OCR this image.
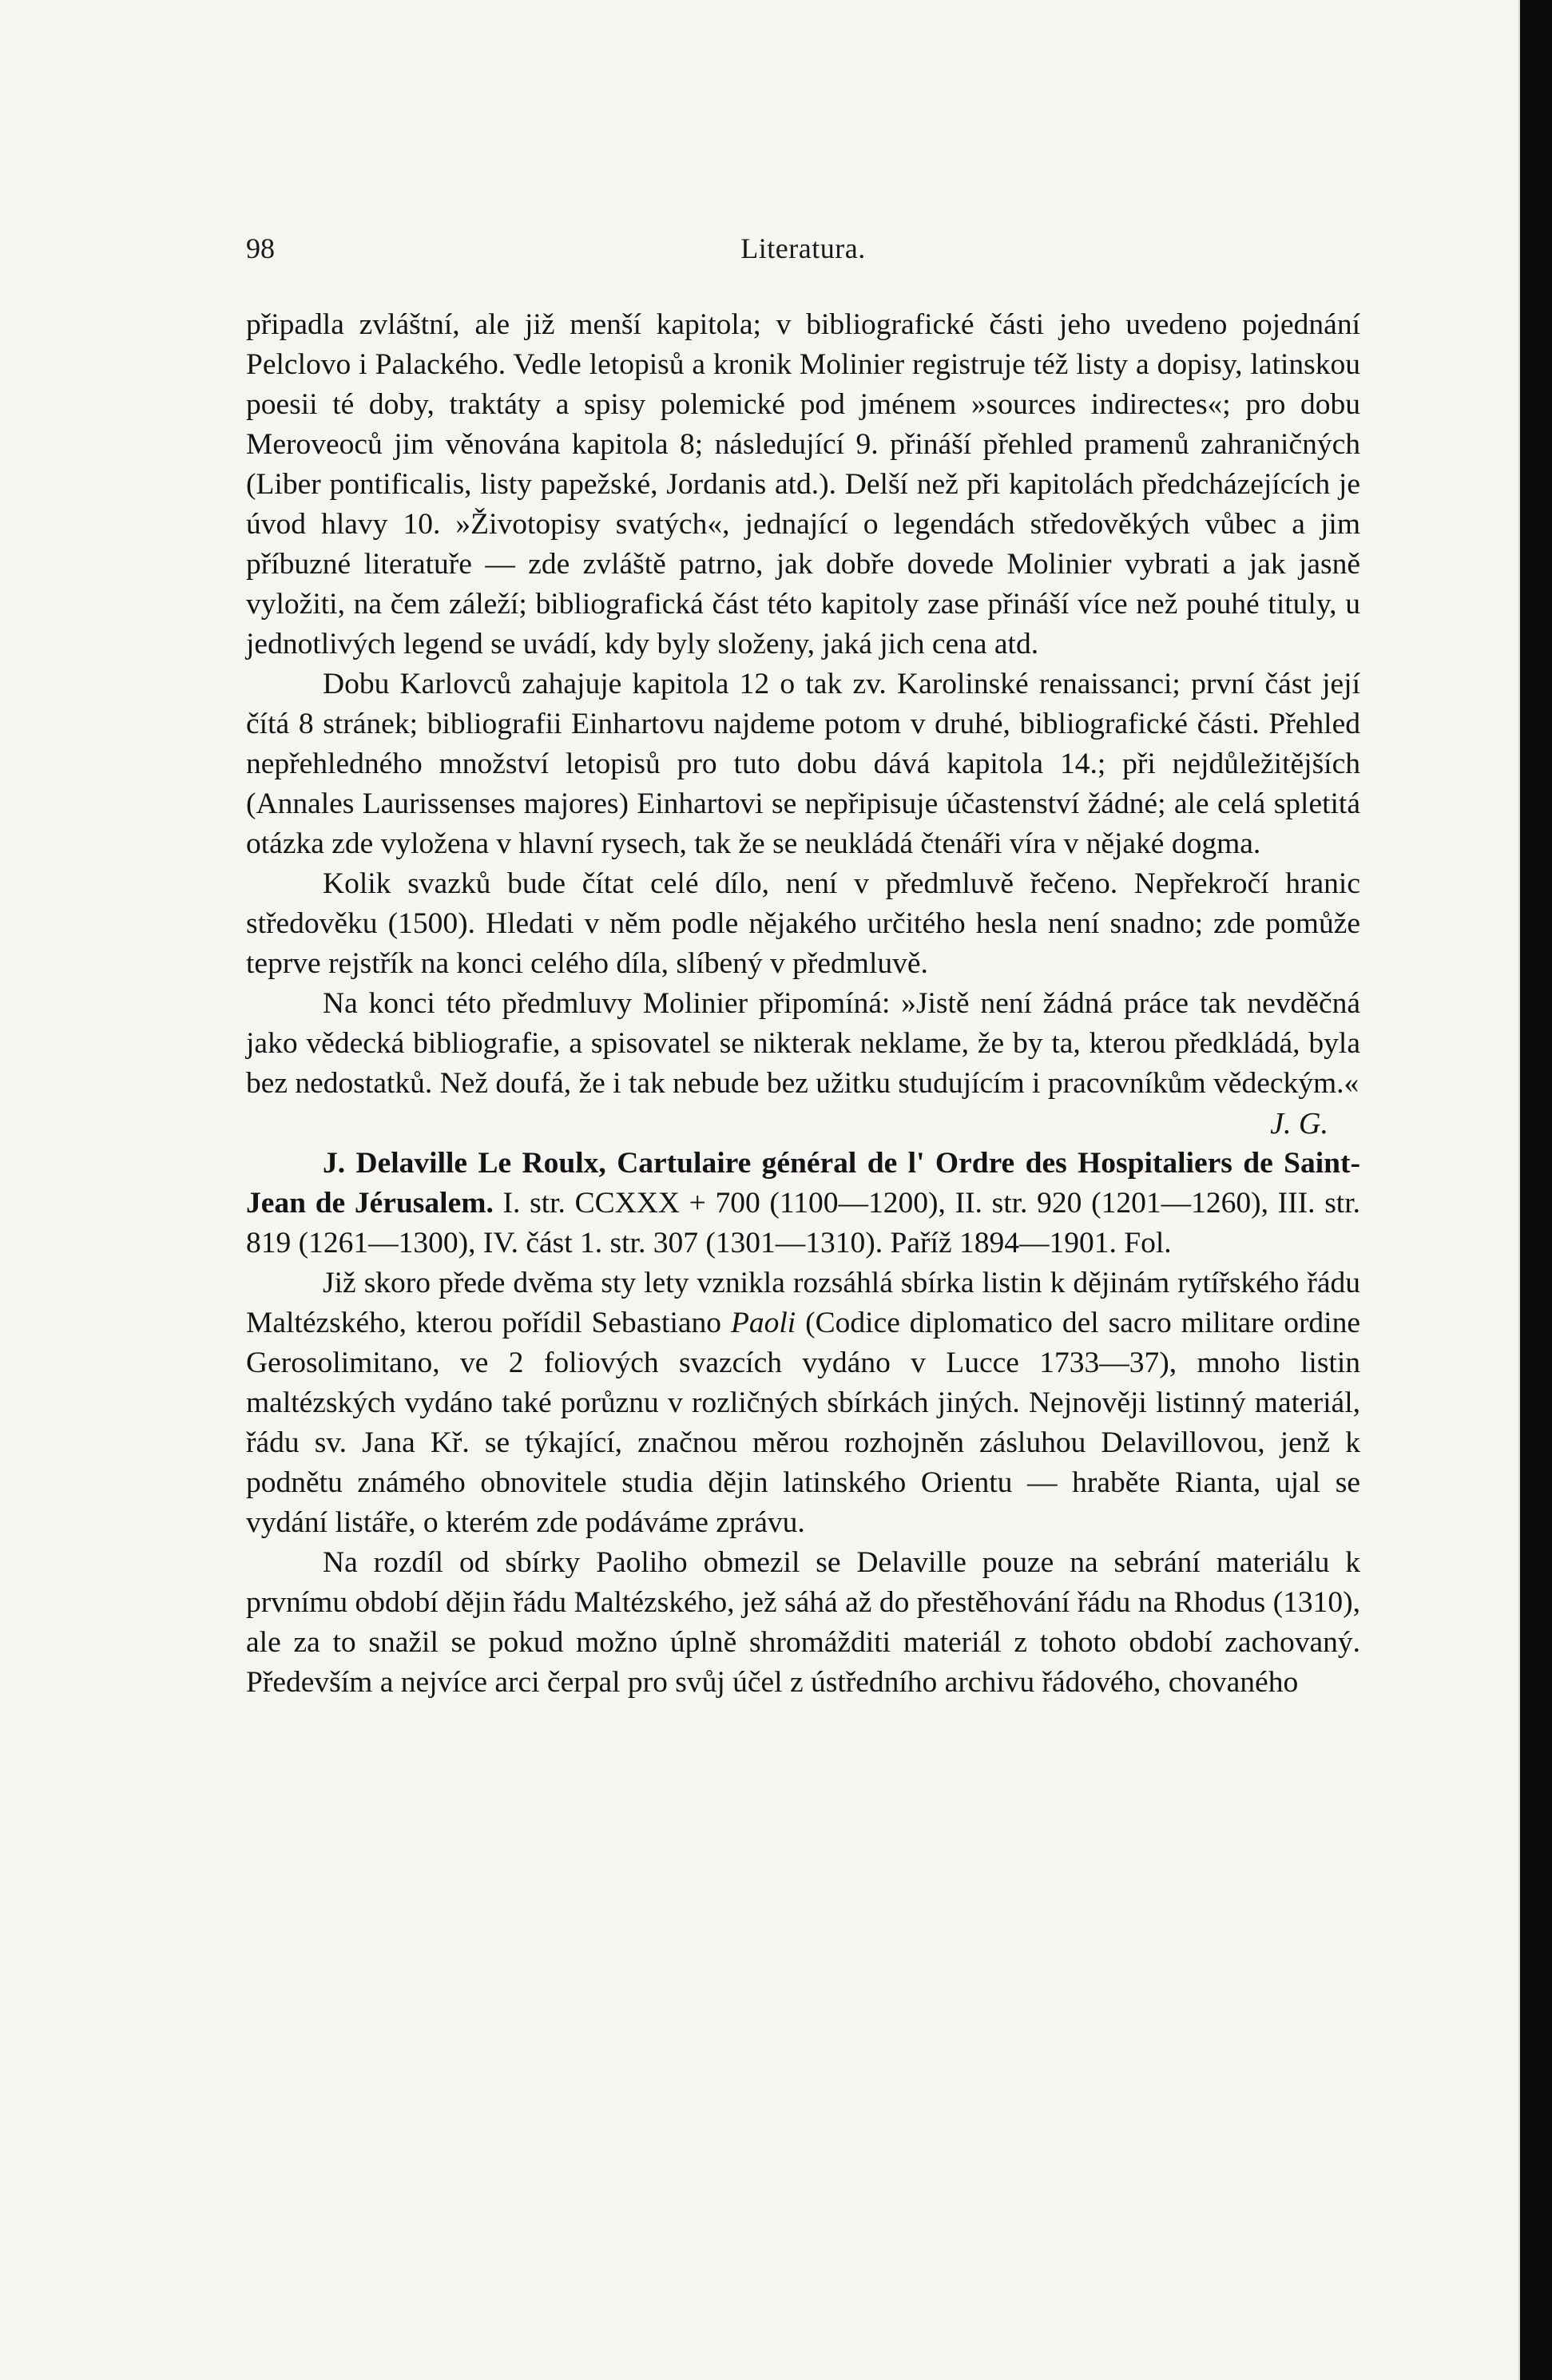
98	Literatura.

připadla zvláštní, ale již menší kapitola; v bibliografické části jeho uvedeno pojednání Pelclovo i Palackého. Vedle letopisů a kronik Molinier registruje též listy a dopisy, latinskou poesii té doby, traktáty a spisy polemické pod jménem »sources indirectes«; pro dobu Meroveoců jim věnována kapitola 8; následující 9. přináší přehled pramenů zahraničných (Liber pontificalis, listy papežské, Jordanis atd.). Delší než při kapitolách předcházejících je úvod hlavy 10. »Životopisy svatých«, jednající o legendách středověkých vůbec a jim příbuzné literatuře — zde zvláště patrno, jak dobře dovede Molinier vybrati a jak jasně vyložiti, na čem záleží; bibliografická část této kapitoly zase přináší více než pouhé tituly, u jednotlivých legend se uvádí, kdy byly složeny, jaká jich cena atd.

Dobu Karlovců zahajuje kapitola 12 o tak zv. Karolinské renaissanci; první část její čítá 8 stránek; bibliografii Einhartovu najdeme potom v druhé, bibliografické části. Přehled nepřehledného množství letopisů pro tuto dobu dává kapitola 14.; při nejdůležitějších (Annales Laurissenses majores) Einhartovi se nepřipisuje účastenství žádné; ale celá spletitá otázka zde vyložena v hlavní rysech, tak že se neukládá čtenáři víra v nějaké dogma.

Kolik svazků bude čítat celé dílo, není v předmluvě řečeno. Nepřekročí hranic středověku (1500). Hledati v něm podle nějakého určitého hesla není snadno; zde pomůže teprve rejstřík na konci celého díla, slíbený v předmluvě.

Na konci této předmluvy Molinier připomíná: »Jistě není žádná práce tak nevděčná jako vědecká bibliografie, a spisovatel se nikterak neklame, že by ta, kterou předkládá, byla bez nedostatků. Než doufá, že i tak nebude bez užitku studujícím i pracovníkům vědeckým.«

J. G.

J. Delaville Le Roulx, Cartulaire général de l' Ordre des Hospitaliers de Saint-Jean de Jérusalem. I. str. CCXXX + 700 (1100—1200), II. str. 920 (1201—1260), III. str. 819 (1261—1300), IV. část 1. str. 307 (1301—1310). Paříž 1894—1901. Fol.

Již skoro přede dvěma sty lety vznikla rozsáhlá sbírka listin k dějinám rytířského řádu Maltézského, kterou pořídil Sebastiano Paoli (Codice diplomatico del sacro militare ordine Gerosolimitano, ve 2 foliových svazcích vydáno v Lucce 1733—37), mnoho listin maltézských vydáno také porůznu v rozličných sbírkách jiných. Nejnověji listinný materiál, řádu sv. Jana Kř. se týkající, značnou měrou rozhojněn zásluhou Delavillovou, jenž k podnětu známého obnovitele studia dějin latinského Orientu — hraběte Rianta, ujal se vydání listáře, o kterém zde podáváme zprávu.

Na rozdíl od sbírky Paoliho obmezil se Delaville pouze na sebrání materiálu k prvnímu období dějin řádu Maltézského, jež sáhá až do přestěhování řádu na Rhodus (1310), ale za to snažil se pokud možno úplně shromážditi materiál z tohoto období zachovaný. Především a nejvíce arci čerpal pro svůj účel z ústředního archivu řádového, chovaného
